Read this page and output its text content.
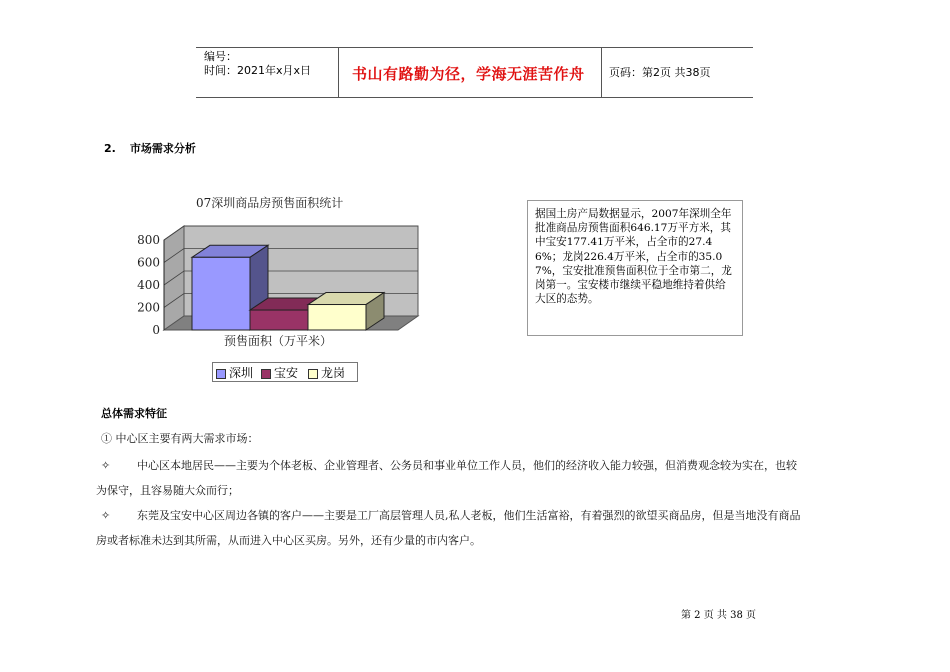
编号：
时间：2021年x月x日	书山有路勤为径，学海无涯苦作舟 页码：第2页 共38页
2. 市场需求分析
07深圳商品房预售面积统计
800
600
400
200
0
预售面积（万平米）
深圳	宝安	龙岗

据国土房产局数据显示，2007年深圳全年批准商品房预售面积646.17万平方米，其中宝安177.41万平米，占全市的27.46%；龙岗226.4万平米，占全市的35.07%，宝安批准预售面积位于全市第二，龙岗第一。宝安楼市继续平稳地维持着供给大区的态势。

总体需求特征
① 中心区主要有两大需求市场：
✧ 中心区本地居民——主要为个体老板、企业管理者、公务员和事业单位工作人员，他们的经济收入能力较强，但消费观念较为实在，也较
为保守，且容易随大众而行；
✧ 东莞及宝安中心区周边各镇的客户——主要是工厂高层管理人员,私人老板，他们生活富裕，有着强烈的欲望买商品房，但是当地没有商品
房或者标准未达到其所需，从而进入中心区买房。另外，还有少量的市内客户。
第 2 页 共 38 页
